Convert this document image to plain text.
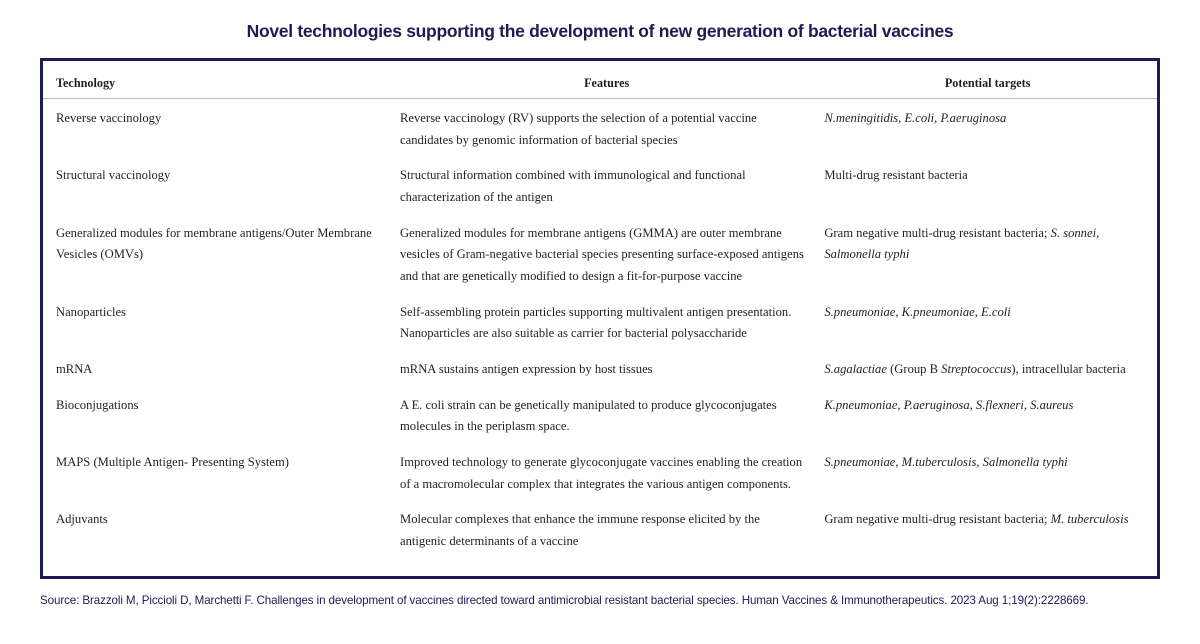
Novel technologies supporting the development of new generation of bacterial vaccines
Technology	Features	Potential targets
Reverse vaccinology	Reverse vaccinology (RV) supports the selection of a potential vaccine candidates by genomic information of bacterial species	N.meningitidis, E.coli, P.aeruginosa
Structural vaccinology	Structural information combined with immunological and functional characterization of the antigen	Multi-drug resistant bacteria
Generalized modules for membrane antigens/Outer Membrane Vesicles (OMVs)	Generalized modules for membrane antigens (GMMA) are outer membrane vesicles of Gram-negative bacterial species presenting surface-exposed antigens and that are genetically modified to design a fit-for-purpose vaccine	Gram negative multi-drug resistant bacteria; S. sonnei, Salmonella typhi
Nanoparticles	Self-assembling protein particles supporting multivalent antigen presentation. Nanoparticles are also suitable as carrier for bacterial polysaccharide	S.pneumoniae, K.pneumoniae, E.coli
mRNA	mRNA sustains antigen expression by host tissues	S.agalactiae (Group B Streptococcus), intracellular bacteria
Bioconjugations	A E. coli strain can be genetically manipulated to produce glycoconjugates molecules in the periplasm space.	K.pneumoniae, P.aeruginosa, S.flexneri, S.aureus
MAPS (Multiple Antigen- Presenting System)	Improved technology to generate glycoconjugate vaccines enabling the creation of a macromolecular complex that integrates the various antigen components.	S.pneumoniae, M.tuberculosis, Salmonella typhi
Adjuvants	Molecular complexes that enhance the immune response elicited by the antigenic determinants of a vaccine	Gram negative multi-drug resistant bacteria; M. tuberculosis
Source: Brazzoli M, Piccioli D, Marchetti F. Challenges in development of vaccines directed toward antimicrobial resistant bacterial species. Human Vaccines & Immunotherapeutics. 2023 Aug 1;19(2):2228669.
